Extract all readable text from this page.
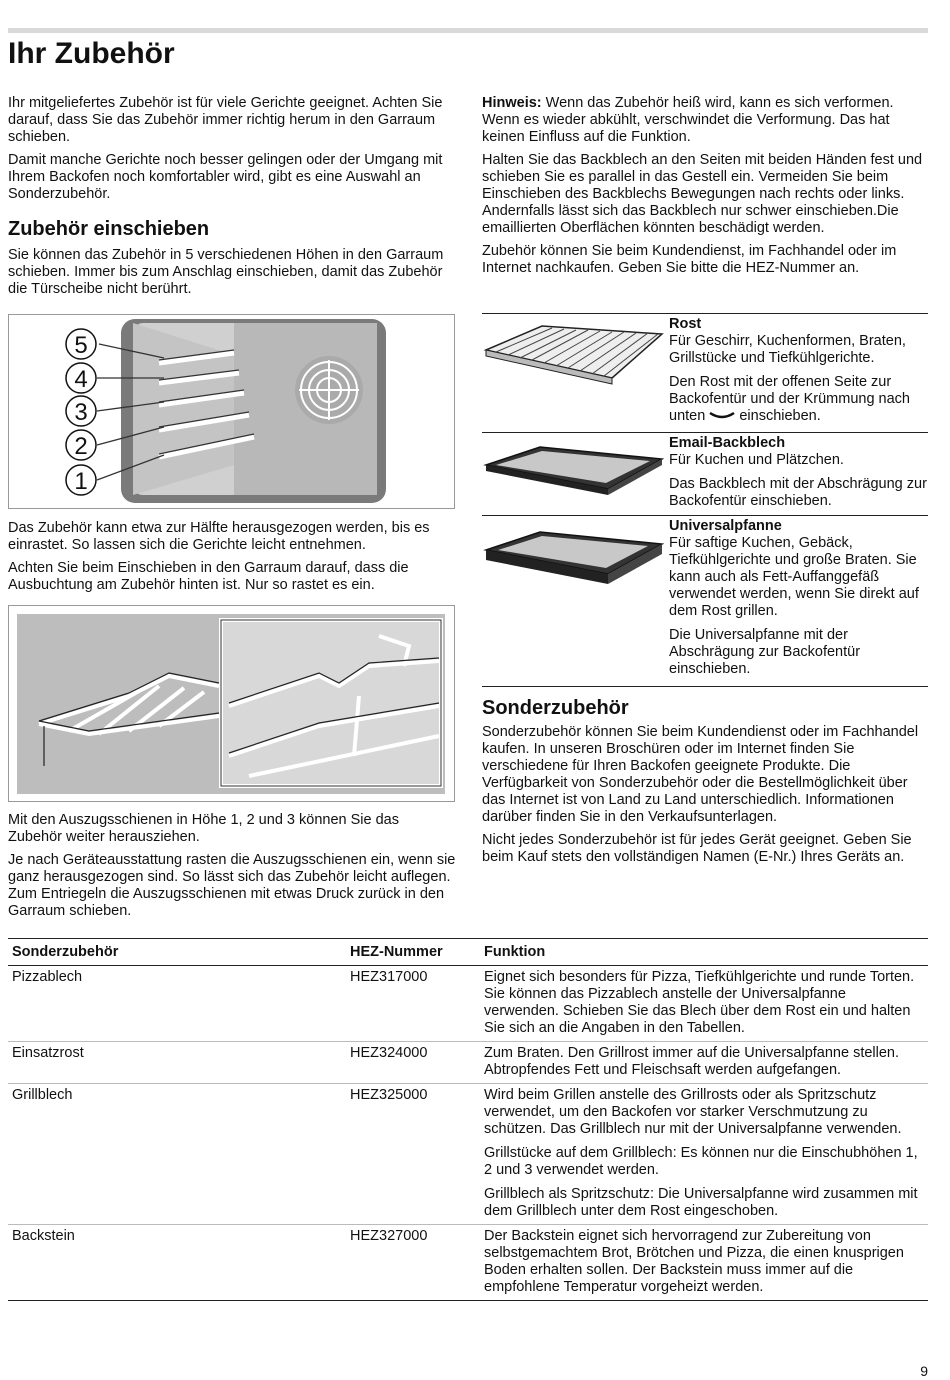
Ihr Zubehör

Ihr mitgeliefertes Zubehör ist für viele Gerichte geeignet. Achten Sie darauf, dass Sie das Zubehör immer richtig herum in den Garraum schieben.

Damit manche Gerichte noch besser gelingen oder der Umgang mit Ihrem Backofen noch komfortabler wird, gibt es eine Auswahl an Sonderzubehör.

Zubehör einschieben

Sie können das Zubehör in 5 verschiedenen Höhen in den Garraum schieben. Immer bis zum Anschlag einschieben, damit das Zubehör die Türscheibe nicht berührt.

5
4
3
2
1

Das Zubehör kann etwa zur Hälfte herausgezogen werden, bis es einrastet. So lassen sich die Gerichte leicht entnehmen.

Achten Sie beim Einschieben in den Garraum darauf, dass die Ausbuchtung am Zubehör hinten ist. Nur so rastet es ein.

Mit den Auszugsschienen in Höhe 1, 2 und 3 können Sie das Zubehör weiter herausziehen.

Je nach Geräteausstattung rasten die Auszugsschienen ein, wenn sie ganz herausgezogen sind. So lässt sich das Zubehör leicht auflegen. Zum Entriegeln die Auszugsschienen mit etwas Druck zurück in den Garraum schieben.

Hinweis: Wenn das Zubehör heiß wird, kann es sich verformen. Wenn es wieder abkühlt, verschwindet die Verformung. Das hat keinen Einfluss auf die Funktion.

Halten Sie das Backblech an den Seiten mit beiden Händen fest und schieben Sie es parallel in das Gestell ein. Vermeiden Sie beim Einschieben des Backblechs Bewegungen nach rechts oder links. Andernfalls lässt sich das Backblech nur schwer einschieben.Die emaillierten Oberflächen könnten beschädigt werden.

Zubehör können Sie beim Kundendienst, im Fachhandel oder im Internet nachkaufen. Geben Sie bitte die HEZ-Nummer an.

Rost

Für Geschirr, Kuchenformen, Braten, Grillstücke und Tiefkühlgerichte.

Den Rost mit der offenen Seite zur Backofentür und der Krümmung nach unten  einschieben.

Email-Backblech

Für Kuchen und Plätzchen.

Das Backblech mit der Abschrägung zur Backofentür einschieben.

Universalpfanne

Für saftige Kuchen, Gebäck, Tiefkühlgerichte und große Braten. Sie kann auch als Fett-Auffanggefäß verwendet werden, wenn Sie direkt auf dem Rost grillen.

Die Universalpfanne mit der Abschrägung zur Backofentür einschieben.

Sonderzubehör

Sonderzubehör können Sie beim Kundendienst oder im Fachhandel kaufen. In unseren Broschüren oder im Internet finden Sie verschiedene für Ihren Backofen geeignete Produkte. Die Verfügbarkeit von Sonderzubehör oder die Bestellmöglichkeit über das Internet ist von Land zu Land unterschiedlich. Informationen darüber finden Sie in den Verkaufsunterlagen.

Nicht jedes Sonderzubehör ist für jedes Gerät geeignet. Geben Sie beim Kauf stets den vollständigen Namen (E-Nr.) Ihres Geräts an.

Sonderzubehör	HEZ-Nummer	Funktion
Pizzablech	HEZ317000	Eignet sich besonders für Pizza, Tiefkühlgerichte und runde Torten. Sie können das Pizzablech anstelle der Universalpfanne verwenden. Schieben Sie das Blech über dem Rost ein und halten Sie sich an die Angaben in den Tabellen.

Einsatzrost	HEZ324000	Zum Braten. Den Grillrost immer auf die Universalpfanne stellen. Abtropfendes Fett und Fleischsaft werden aufgefangen.

Grillblech	HEZ325000	Wird beim Grillen anstelle des Grillrosts oder als Spritzschutz verwendet, um den Backofen vor starker Verschmutzung zu schützen. Das Grillblech nur mit der Universalpfanne verwenden.

Grillstücke auf dem Grillblech: Es können nur die Einschubhöhen 1, 2 und 3 verwendet werden.

Grillblech als Spritzschutz: Die Universalpfanne wird zusammen mit dem Grillblech unter dem Rost eingeschoben.

Backstein	HEZ327000	Der Backstein eignet sich hervorragend zur Zubereitung von selbstgemachtem Brot, Brötchen und Pizza, die einen knusprigen Boden erhalten sollen. Der Backstein muss immer auf die empfohlene Temperatur vorgeheizt werden.

9
